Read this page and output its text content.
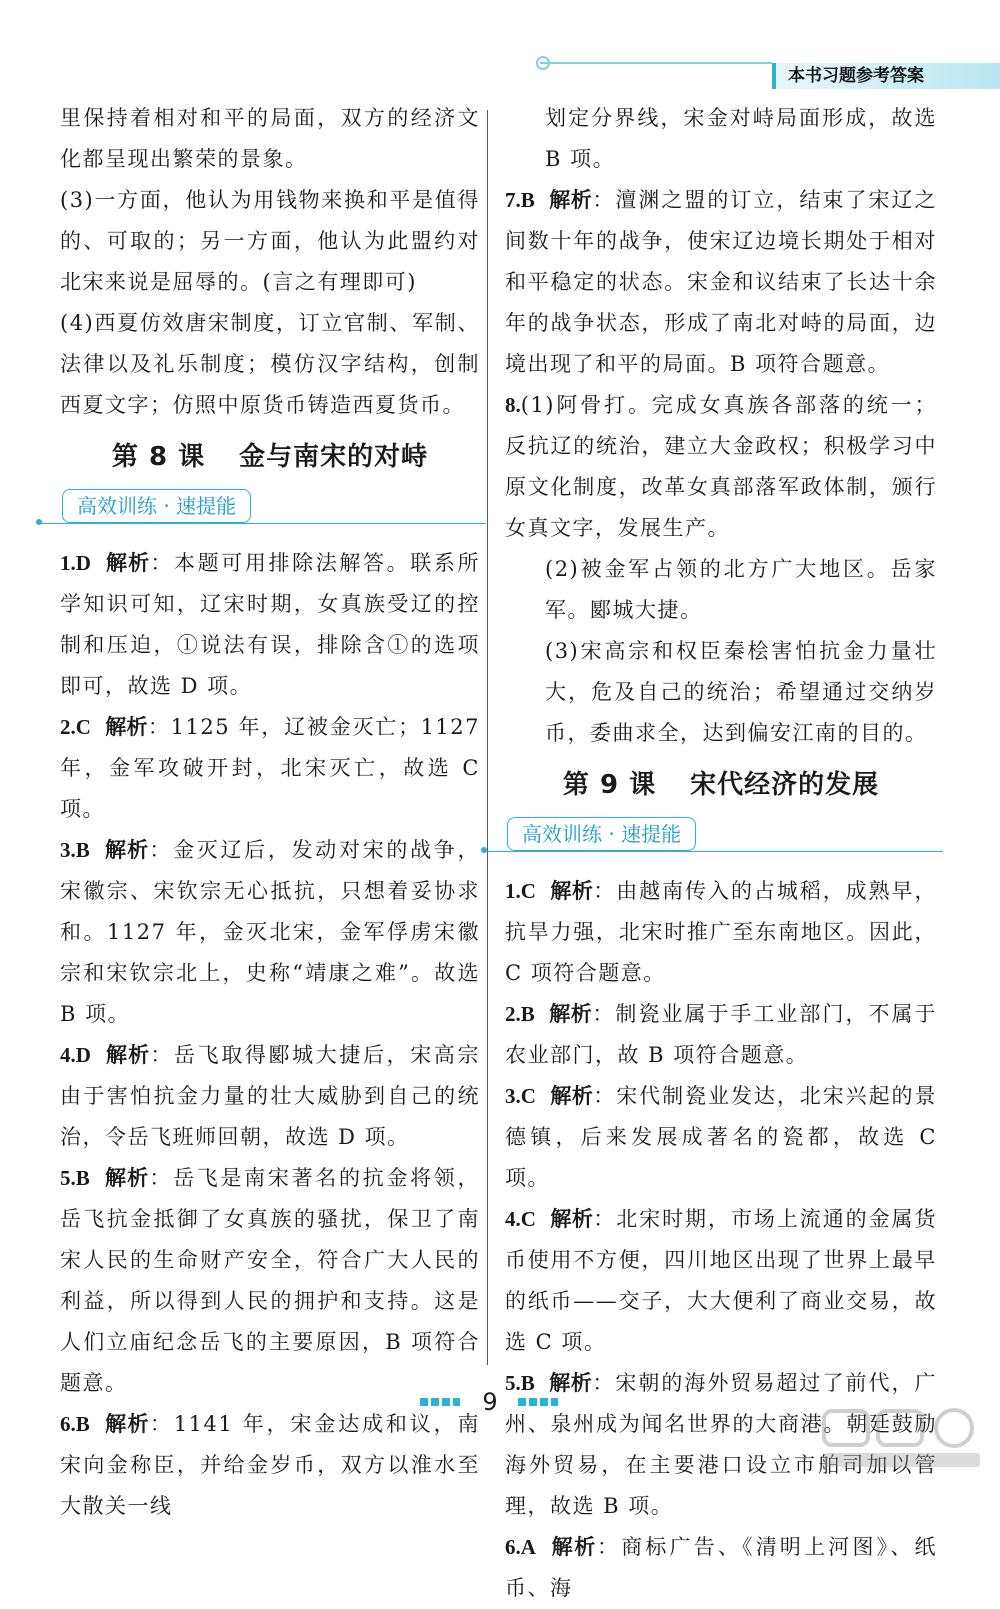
本书习题参考答案

里保持着相对和平的局面，双方的经济文化都呈现出繁荣的景象。

(3)一方面，他认为用钱物来换和平是值得的、可取的；另一方面，他认为此盟约对北宋来说是屈辱的。(言之有理即可)

(4)西夏仿效唐宋制度，订立官制、军制、法律以及礼乐制度；模仿汉字结构，创制西夏文字；仿照中原货币铸造西夏货币。

第 8 课 金与南宋的对峙
高效训练 · 速提能

1.D 解析：本题可用排除法解答。联系所学知识可知，辽宋时期，女真族受辽的控制和压迫，①说法有误，排除含①的选项即可，故选 D 项。

2.C 解析：1125 年，辽被金灭亡；1127 年，金军攻破开封，北宋灭亡，故选 C 项。

3.B 解析：金灭辽后，发动对宋的战争，宋徽宗、宋钦宗无心抵抗，只想着妥协求和。1127 年，金灭北宋，金军俘虏宋徽宗和宋钦宗北上，史称“靖康之难”。故选 B 项。

4.D 解析：岳飞取得郾城大捷后，宋高宗由于害怕抗金力量的壮大威胁到自己的统治，令岳飞班师回朝，故选 D 项。

5.B 解析：岳飞是南宋著名的抗金将领，岳飞抗金抵御了女真族的骚扰，保卫了南宋人民的生命财产安全，符合广大人民的利益，所以得到人民的拥护和支持。这是人们立庙纪念岳飞的主要原因，B 项符合题意。

6.B 解析：1141 年，宋金达成和议，南宋向金称臣，并给金岁币，双方以淮水至大散关一线

划定分界线，宋金对峙局面形成，故选 B 项。

7.B 解析：澶渊之盟的订立，结束了宋辽之间数十年的战争，使宋辽边境长期处于相对和平稳定的状态。宋金和议结束了长达十余年的战争状态，形成了南北对峙的局面，边境出现了和平的局面。B 项符合题意。

8.(1)阿骨打。完成女真族各部落的统一；反抗辽的统治，建立大金政权；积极学习中原文化制度，改革女真部落军政体制，颁行女真文字，发展生产。

(2)被金军占领的北方广大地区。岳家军。郾城大捷。

(3)宋高宗和权臣秦桧害怕抗金力量壮大，危及自己的统治；希望通过交纳岁币，委曲求全，达到偏安江南的目的。

第 9 课 宋代经济的发展
高效训练 · 速提能

1.C 解析：由越南传入的占城稻，成熟早，抗旱力强，北宋时推广至东南地区。因此，C 项符合题意。

2.B 解析：制瓷业属于手工业部门，不属于农业部门，故 B 项符合题意。

3.C 解析：宋代制瓷业发达，北宋兴起的景德镇，后来发展成著名的瓷都，故选 C 项。

4.C 解析：北宋时期，市场上流通的金属货币使用不方便，四川地区出现了世界上最早的纸币——交子，大大便利了商业交易，故选 C 项。

5.B 解析：宋朝的海外贸易超过了前代，广州、泉州成为闻名世界的大商港。朝廷鼓励海外贸易，在主要港口设立市舶司加以管理，故选 B 项。

6.A 解析：商标广告、《清明上河图》、纸币、海

9
